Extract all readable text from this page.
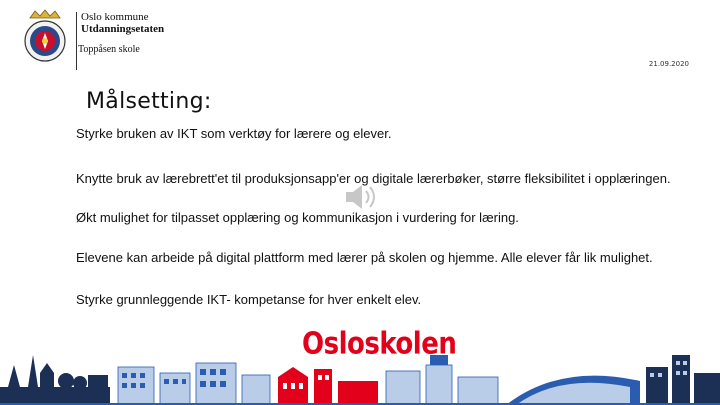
Oslo kommune
Utdanningsetaten
Toppåsen skole
21.09.2020
Målsetting:
Styrke bruken av IKT som verktøy for lærere og elever.
Knytte bruk av lærebrett'et til produksjonsapp'er og digitale lærerbøker, større fleksibilitet i opplæringen.
Økt mulighet for tilpasset opplæring og kommunikasjon i vurdering for læring.
Elevene kan arbeide på digital plattform med lærer på skolen og hjemme. Alle elever får lik mulighet.
Styrke grunnleggende IKT- kompetanse for hver enkelt elev.
Osloskolen
